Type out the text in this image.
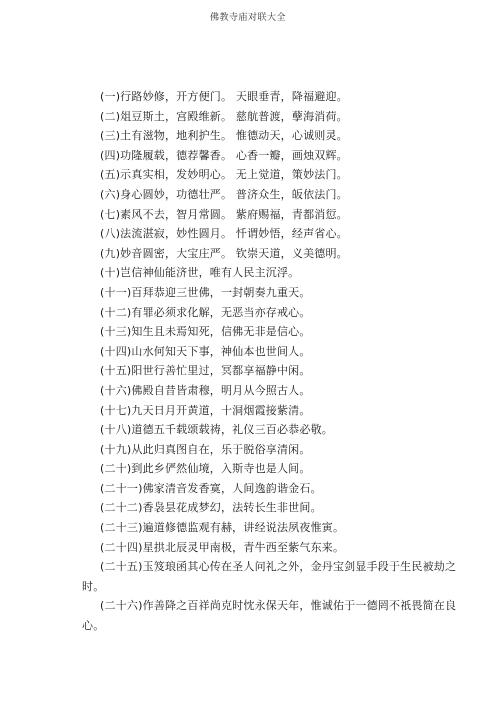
佛教寺庙对联大全
(一)行路妙修，开方便门。 天眼垂青，降福避迎。
(二)俎豆斯土，宫殿维新。 慈航普渡，孽海消荷。
(三)土有滋物，地利护生。 惟德动天，心诚则灵。
(四)功隆履载，德荐馨香。 心香一瓣，画烛双辉。
(五)示真实相，发妙明心。 无上觉道，策妙法门。
(六)身心圆妙，功德壮严。 普济众生，皈依法门。
(七)素风不去，智月常圆。 紫府赐福，青都消愆。
(八)法流湛寂，妙性圆月。 忏谓妙悟，经声省心。
(九)妙音圆密，大宝庄严。 钦崇天道，义美德明。
(十)岂信神仙能济世，唯有人民主沉浮。
(十一)百拜恭迎三世佛，一封朝奏九重天。
(十二)有罪必须求化解，无恶当亦存戒心。
(十三)知生且未焉知死，信佛无非是信心。
(十四)山水何知天下事，神仙本也世间人。
(十五)阳世行善忙里过，冥都享福静中闲。
(十六)佛殿自昔皆肃穆，明月从今照古人。
(十七)九天日月开黄道，十洞烟霞接紫清。
(十八)道德五千载颂载祷，礼仪三百必恭必敬。
(十九)从此归真图自在，乐于脱俗享清闲。
(二十)到此乡俨然仙境，入斯寺也是人间。
(二十一)佛家清音发香寞，人间逸韵谐金石。
(二十二)香袅昙花成梦幻，法转长生非世间。
(二十三)遍道修德监观有赫，讲经说法夙夜惟寅。
(二十四)星拱北辰灵甲南极，青牛西至紫气东来。
(二十五)玉笈琅函其心传在圣人问礼之外，金丹宝剑显手段于生民被劫之时。
(二十六)作善降之百祥尚克时忱永保天年，惟诚佑于一德罔不祇畏简在良心。
